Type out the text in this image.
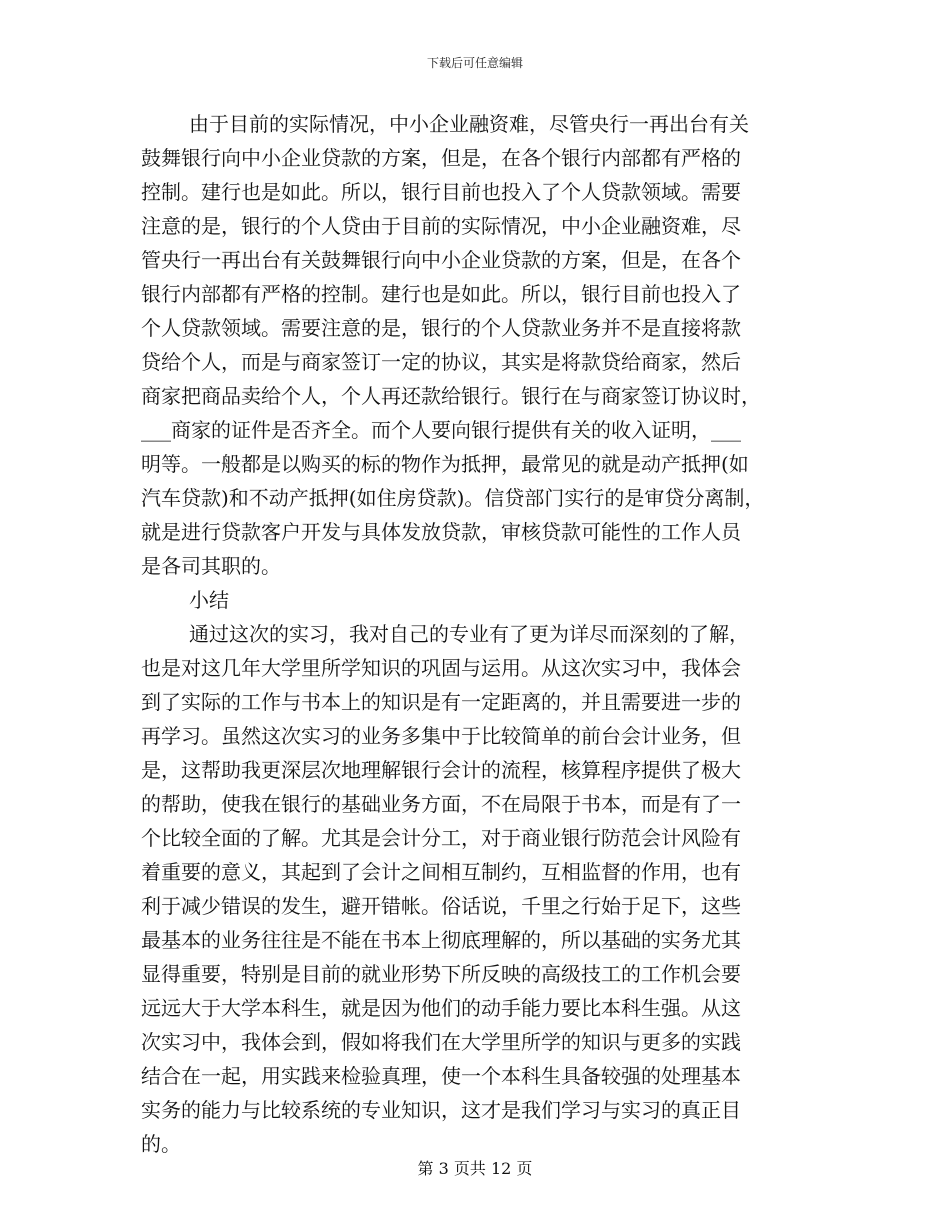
下载后可任意编辑
由于目前的实际情况，中小企业融资难，尽管央行一再出台有关
鼓舞银行向中小企业贷款的方案，但是，在各个银行内部都有严格的
控制。建行也是如此。所以，银行目前也投入了个人贷款领域。需要
注意的是，银行的个人贷由于目前的实际情况，中小企业融资难，尽
管央行一再出台有关鼓舞银行向中小企业贷款的方案，但是，在各个
银行内部都有严格的控制。建行也是如此。所以，银行目前也投入了
个人贷款领域。需要注意的是，银行的个人贷款业务并不是直接将款
贷给个人，而是与商家签订一定的协议，其实是将款贷给商家，然后
商家把商品卖给个人，个人再还款给银行。银行在与商家签订协议时，
___商家的证件是否齐全。而个人要向银行提供有关的收入证明，___
明等。一般都是以购买的标的物作为抵押，最常见的就是动产抵押(如
汽车贷款)和不动产抵押(如住房贷款)。信贷部门实行的是审贷分离制，
就是进行贷款客户开发与具体发放贷款，审核贷款可能性的工作人员
是各司其职的。
小结
通过这次的实习，我对自己的专业有了更为详尽而深刻的了解，
也是对这几年大学里所学知识的巩固与运用。从这次实习中，我体会
到了实际的工作与书本上的知识是有一定距离的，并且需要进一步的
再学习。虽然这次实习的业务多集中于比较简单的前台会计业务，但
是，这帮助我更深层次地理解银行会计的流程，核算程序提供了极大
的帮助，使我在银行的基础业务方面，不在局限于书本，而是有了一
个比较全面的了解。尤其是会计分工，对于商业银行防范会计风险有
着重要的意义，其起到了会计之间相互制约，互相监督的作用，也有
利于减少错误的发生，避开错帐。俗话说，千里之行始于足下，这些
最基本的业务往往是不能在书本上彻底理解的，所以基础的实务尤其
显得重要，特别是目前的就业形势下所反映的高级技工的工作机会要
远远大于大学本科生，就是因为他们的动手能力要比本科生强。从这
次实习中，我体会到，假如将我们在大学里所学的知识与更多的实践
结合在一起，用实践来检验真理，使一个本科生具备较强的处理基本
实务的能力与比较系统的专业知识，这才是我们学习与实习的真正目
的。
第 3 页共 12 页
